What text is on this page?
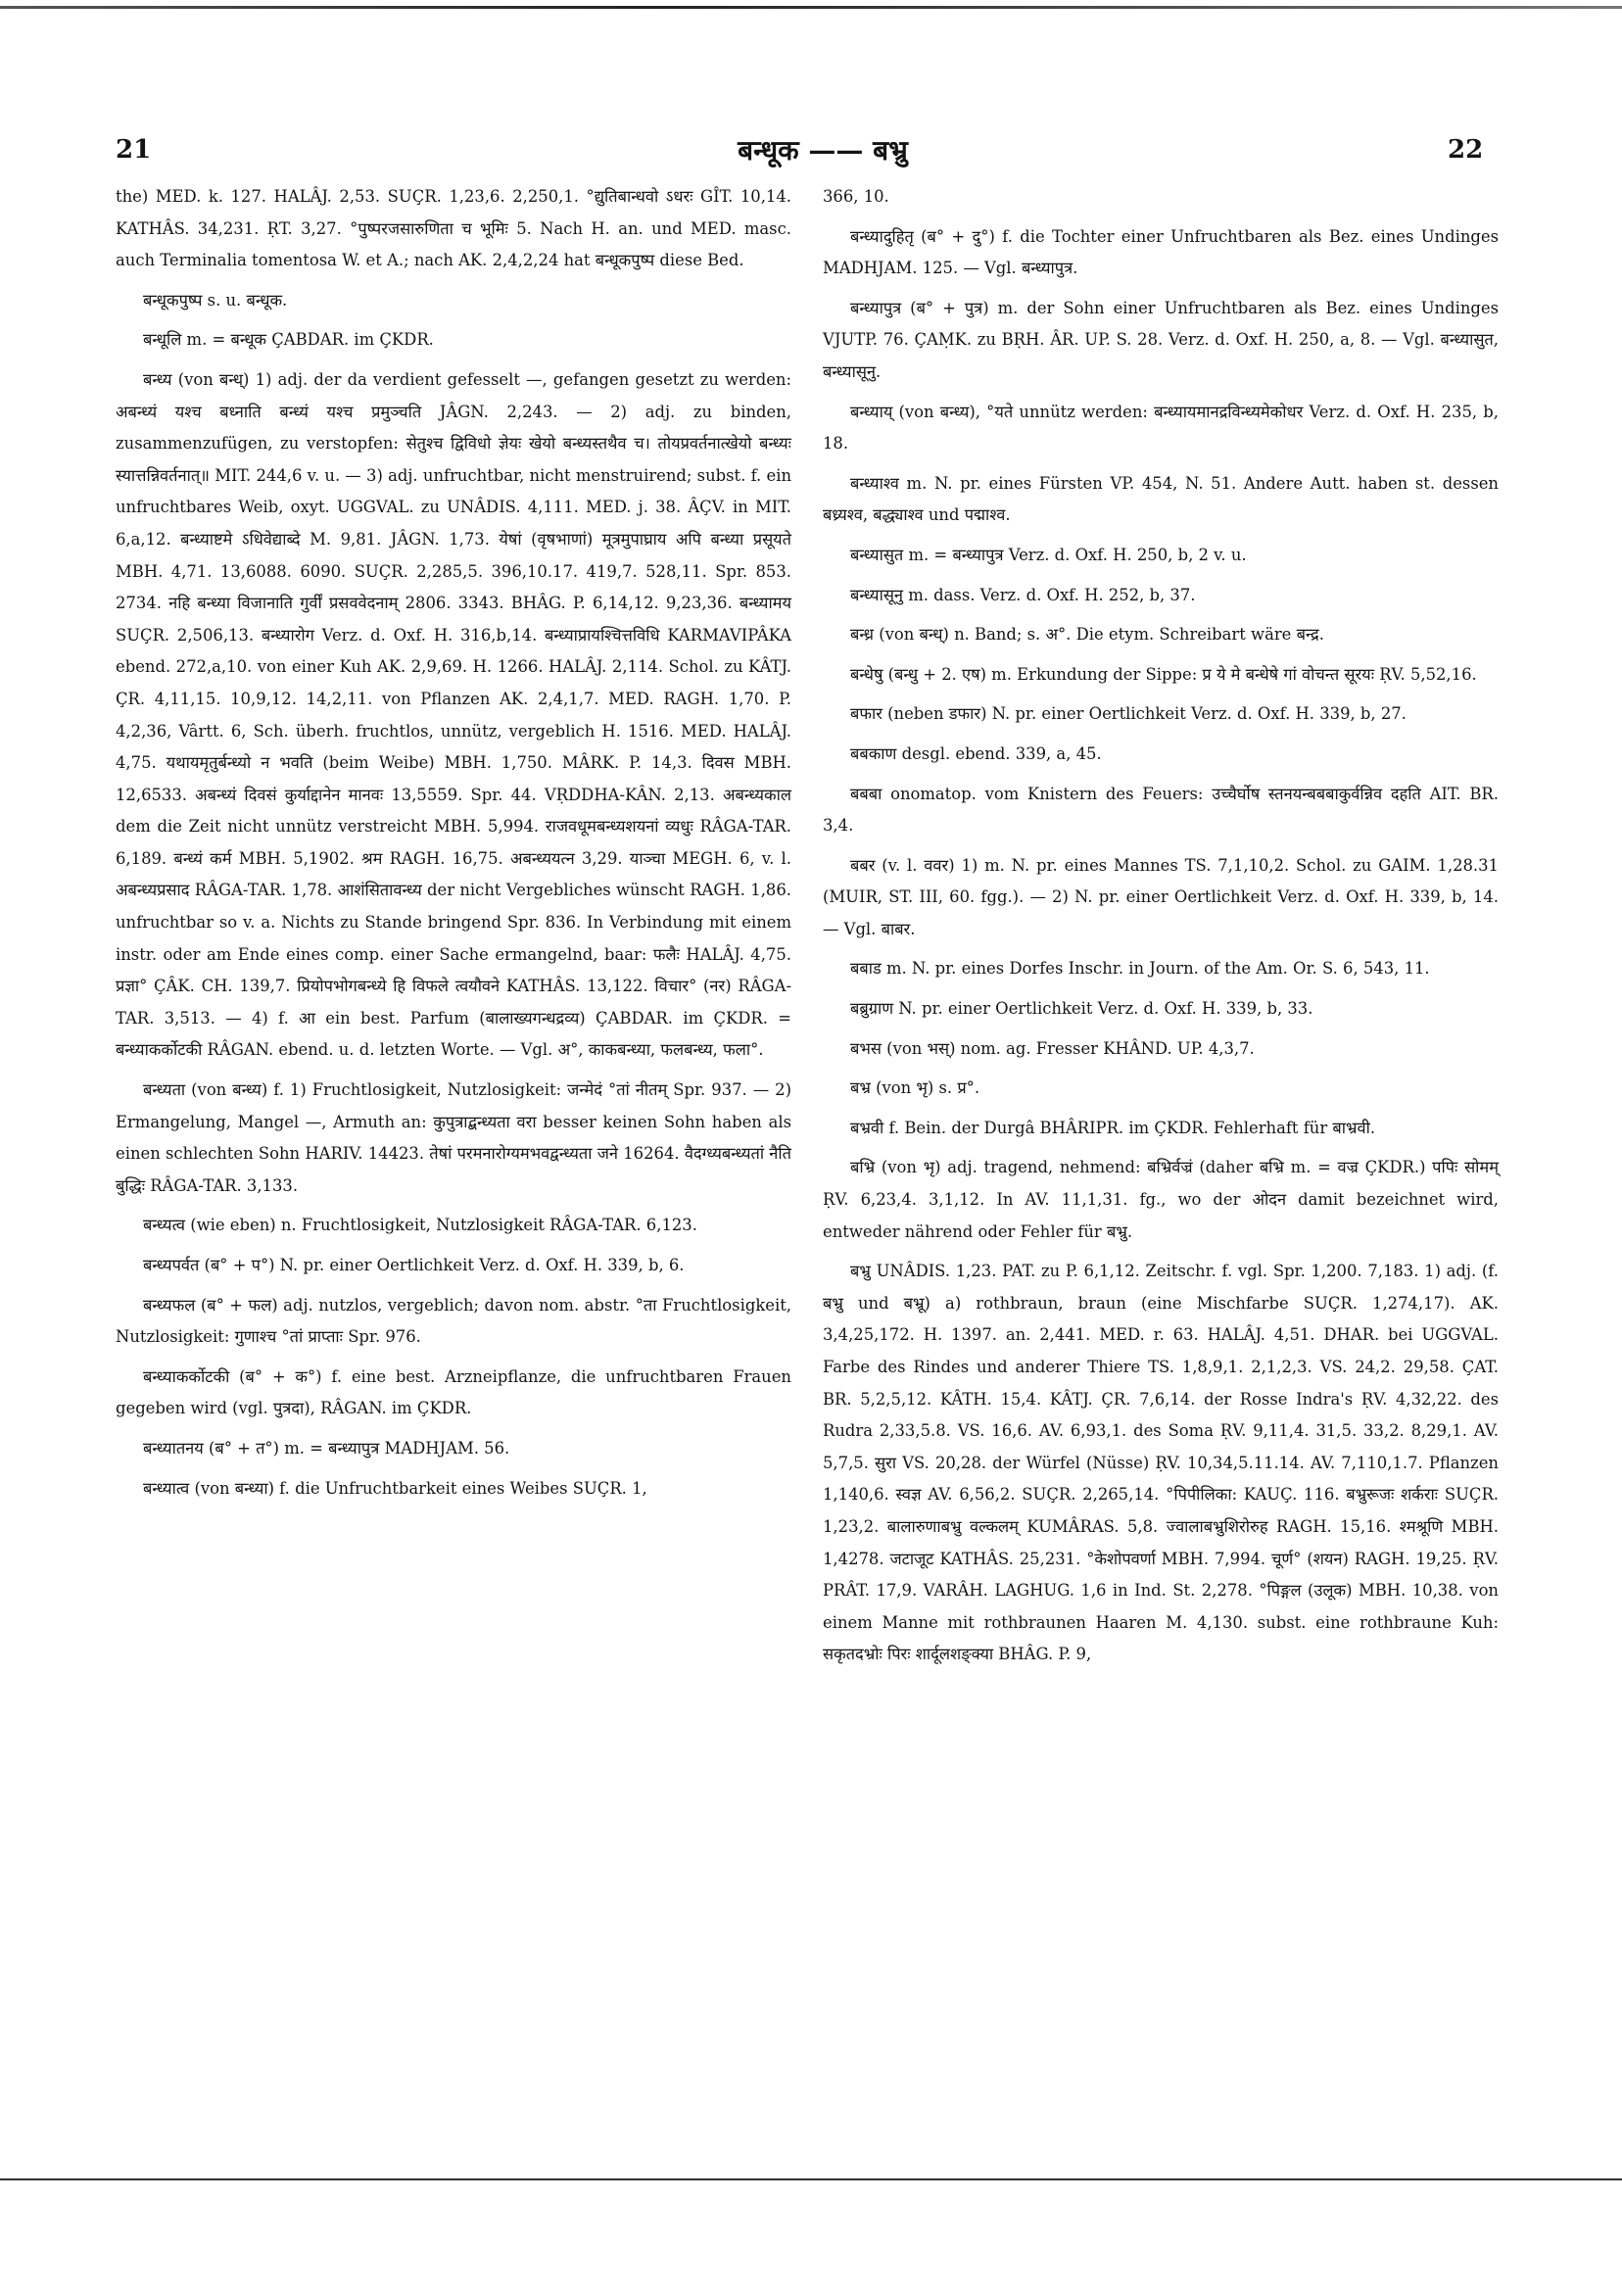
21	बन्धूक —— बभ्रु	22

the) MED. k. 127. HALÂJ. 2,53. SUÇR. 1,23,6. 2,250,1. °द्युतिबान्धवो ऽधरः GÎT. 10,14. KATHÂS. 34,231. ṚT. 3,27. °पुष्परजसारुणिता च भूमिः 5. Nach H. an. und MED. masc. auch Terminalia tomentosa W. et A.; nach AK. 2,4,2,24 hat बन्धूकपुष्प diese Bed.

बन्धूकपुष्प s. u. बन्धूक.

बन्धूलि m. = बन्धूक ÇABDAR. im ÇKDR.

बन्ध्य (von बन्ध्) 1) adj. der da verdient gefesselt —, gefangen gesetzt zu werden: अबन्ध्यं यश्च बध्नाति बन्ध्यं यश्च प्रमुञ्चति JÂGN. 2,243. — 2) adj. zu binden, zusammenzufügen, zu verstopfen: सेतुश्च द्विविधो ज्ञेयः खेयो बन्ध्यस्तथैव च। तोयप्रवर्तनात्खेयो बन्ध्यः स्यात्तन्निवर्तनात्॥ MIT. 244,6 v. u. — 3) adj. unfruchtbar, nicht menstruirend; subst. f. ein unfruchtbares Weib, oxyt. UGGVAL. zu UNÂDIS. 4,111. MED. j. 38. ÂÇV. in MIT. 6,a,12. बन्ध्याष्टमे ऽधिवेद्याब्दे M. 9,81. JÂGN. 1,73. येषां (वृषभाणां) मूत्रमुपाघ्राय अपि बन्ध्या प्रसूयते MBH. 4,71. 13,6088. 6090. SUÇR. 2,285,5. 396,10.17. 419,7. 528,11. Spr. 853. 2734. नहि बन्ध्या विजानाति गुर्वीं प्रसववेदनाम् 2806. 3343. BHÂG. P. 6,14,12. 9,23,36. बन्ध्यामय SUÇR. 2,506,13. बन्ध्यारोग Verz. d. Oxf. H. 316,b,14. बन्ध्याप्रायश्चित्तविधि KARMAVIPÂKA ebend. 272,a,10. von einer Kuh AK. 2,9,69. H. 1266. HALÂJ. 2,114. Schol. zu KÂTJ. ÇR. 4,11,15. 10,9,12. 14,2,11. von Pflanzen AK. 2,4,1,7. MED. RAGH. 1,70. P. 4,2,36, Vârtt. 6, Sch. überh. fruchtlos, unnütz, vergeblich H. 1516. MED. HALÂJ. 4,75. यथायमृतुर्बन्ध्यो न भवति (beim Weibe) MBH. 1,750. MÂRK. P. 14,3. दिवस MBH. 12,6533. अबन्ध्यं दिवसं कुर्याद्दानेन मानवः 13,5559. Spr. 44. VṚDDHA-KÂN. 2,13. अबन्ध्यकाल dem die Zeit nicht unnütz verstreicht MBH. 5,994. राजवधूमबन्ध्यशयनां व्यधुः RÂGA-TAR. 6,189. बन्ध्यं कर्म MBH. 5,1902. श्रम RAGH. 16,75. अबन्ध्ययत्न 3,29. याञ्चा MEGH. 6, v. l. अबन्ध्यप्रसाद RÂGA-TAR. 1,78. आशंसितावन्ध्य der nicht Vergebliches wünscht RAGH. 1,86. unfruchtbar so v. a. Nichts zu Stande bringend Spr. 836. In Verbindung mit einem instr. oder am Ende eines comp. einer Sache ermangelnd, baar: फलैः HALÂJ. 4,75. प्रज्ञा° ÇÂK. CH. 139,7. प्रियोपभोगबन्ध्ये हि विफले त्वयौवने KATHÂS. 13,122. विचार° (नर) RÂGA-TAR. 3,513. — 4) f. आ ein best. Parfum (बालाख्यगन्धद्रव्य) ÇABDAR. im ÇKDR. = बन्ध्याकर्कोटकी RÂGAN. ebend. u. d. letzten Worte. — Vgl. अ°, काकबन्ध्या, फलबन्ध्य, फला°.

बन्ध्यता (von बन्ध्य) f. 1) Fruchtlosigkeit, Nutzlosigkeit: जन्मेदं °तां नीतम् Spr. 937. — 2) Ermangelung, Mangel —, Armuth an: कुपुत्राद्बन्ध्यता वरा besser keinen Sohn haben als einen schlechten Sohn HARIV. 14423. तेषां परमनारोग्यमभवद्वन्ध्यता जने 16264. वैदग्ध्यबन्ध्यतां नैति बुद्धिः RÂGA-TAR. 3,133.

बन्ध्यत्व (wie eben) n. Fruchtlosigkeit, Nutzlosigkeit RÂGA-TAR. 6,123.

बन्ध्यपर्वत (ब° + प°) N. pr. einer Oertlichkeit Verz. d. Oxf. H. 339, b, 6.

बन्ध्यफल (ब° + फल) adj. nutzlos, vergeblich; davon nom. abstr. °ता Fruchtlosigkeit, Nutzlosigkeit: गुणाश्च °तां प्राप्ताः Spr. 976.

बन्ध्याकर्कोटकी (ब° + क°) f. eine best. Arzneipflanze, die unfruchtbaren Frauen gegeben wird (vgl. पुत्रदा), RÂGAN. im ÇKDR.

बन्ध्यातनय (ब° + त°) m. = बन्ध्यापुत्र MADHJAM. 56.

बन्ध्यात्व (von बन्ध्या) f. die Unfruchtbarkeit eines Weibes SUÇR. 1,

366, 10.

बन्ध्यादुहितृ (ब° + दु°) f. die Tochter einer Unfruchtbaren als Bez. eines Undinges MADHJAM. 125. — Vgl. बन्ध्यापुत्र.

बन्ध्यापुत्र (ब° + पुत्र) m. der Sohn einer Unfruchtbaren als Bez. eines Undinges VJUTP. 76. ÇAṂK. zu BṚH. ÂR. UP. S. 28. Verz. d. Oxf. H. 250, a, 8. — Vgl. बन्ध्यासुत, बन्ध्यासूनु.

बन्ध्याय् (von बन्ध्य), °यते unnütz werden: बन्ध्यायमानद्रविन्ध्यमेकोधर Verz. d. Oxf. H. 235, b, 18.

बन्ध्याश्व m. N. pr. eines Fürsten VP. 454, N. 51. Andere Autt. haben st. dessen बध्र्यश्व, बद्ध्याश्व und पद्माश्व.

बन्ध्यासुत m. = बन्ध्यापुत्र Verz. d. Oxf. H. 250, b, 2 v. u.

बन्ध्यासूनु m. dass. Verz. d. Oxf. H. 252, b, 37.

बन्ध्र (von बन्ध्) n. Band; s. अ°. Die etym. Schreibart wäre बन्द्र.

बन्धेषु (बन्धु + 2. एष) m. Erkundung der Sippe: प्र ये मे बन्धेषे गां वोचन्त सूरयः ṚV. 5,52,16.

बफार (neben डफार) N. pr. einer Oertlichkeit Verz. d. Oxf. H. 339, b, 27.

बबकाण desgl. ebend. 339, a, 45.

बबबा onomatop. vom Knistern des Feuers: उच्चैर्घोष स्तनयन्बबबाकुर्वन्निव दहति AIT. BR. 3,4.

बबर (v. l. ववर) 1) m. N. pr. eines Mannes TS. 7,1,10,2. Schol. zu GAIM. 1,28.31 (MUIR, ST. III, 60. fgg.). — 2) N. pr. einer Oertlichkeit Verz. d. Oxf. H. 339, b, 14. — Vgl. बाबर.

बबाड m. N. pr. eines Dorfes Inschr. in Journ. of the Am. Or. S. 6, 543, 11.

बब्रुग्राण N. pr. einer Oertlichkeit Verz. d. Oxf. H. 339, b, 33.

बभस (von भस्) nom. ag. Fresser KHÂND. UP. 4,3,7.

बभ्र (von भृ) s. प्र°.

बभ्रवी f. Bein. der Durgâ BHÂRIPR. im ÇKDR. Fehlerhaft für बाभ्रवी.

बभ्रि (von भृ) adj. tragend, nehmend: बभ्रिर्वज्रं (daher बभ्रि m. = वज्र ÇKDR.) पपिः सोमम् ṚV. 6,23,4. 3,1,12. In AV. 11,1,31. fg., wo der ओदन damit bezeichnet wird, entweder nährend oder Fehler für बभ्रु.

बभ्रु UNÂDIS. 1,23. PAT. zu P. 6,1,12. Zeitschr. f. vgl. Spr. 1,200. 7,183. 1) adj. (f. बभ्रु und बभ्रू) a) rothbraun, braun (eine Mischfarbe SUÇR. 1,274,17). AK. 3,4,25,172. H. 1397. an. 2,441. MED. r. 63. HALÂJ. 4,51. DHAR. bei UGGVAL. Farbe des Rindes und anderer Thiere TS. 1,8,9,1. 2,1,2,3. VS. 24,2. 29,58. ÇAT. BR. 5,2,5,12. KÂTH. 15,4. KÂTJ. ÇR. 7,6,14. der Rosse Indra's ṚV. 4,32,22. des Rudra 2,33,5.8. VS. 16,6. AV. 6,93,1. des Soma ṚV. 9,11,4. 31,5. 33,2. 8,29,1. AV. 5,7,5. सुरा VS. 20,28. der Würfel (Nüsse) ṚV. 10,34,5.11.14. AV. 7,110,1.7. Pflanzen 1,140,6. स्वज्ञ AV. 6,56,2. SUÇR. 2,265,14. °पिपीलिका: KAUÇ. 116. बभ्रुरूजः शर्कराः SUÇR. 1,23,2. बालारुणाबभ्रु वल्कलम् KUMÂRAS. 5,8. ज्वालाबभ्रुशिरोरुह RAGH. 15,16. श्मश्रूणि MBH. 1,4278. जटाजूट KATHÂS. 25,231. °केशोपवर्णा MBH. 7,994. चूर्ण° (शयन) RAGH. 19,25. ṚV. PRÂT. 17,9. VARÂH. LAGHUG. 1,6 in Ind. St. 2,278. °पिङ्गल (उलूक) MBH. 10,38. von einem Manne mit rothbraunen Haaren M. 4,130. subst. eine rothbraune Kuh: सकृतदभ्रोः पिरः शार्दूलशङ्क्या BHÂG. P. 9,
